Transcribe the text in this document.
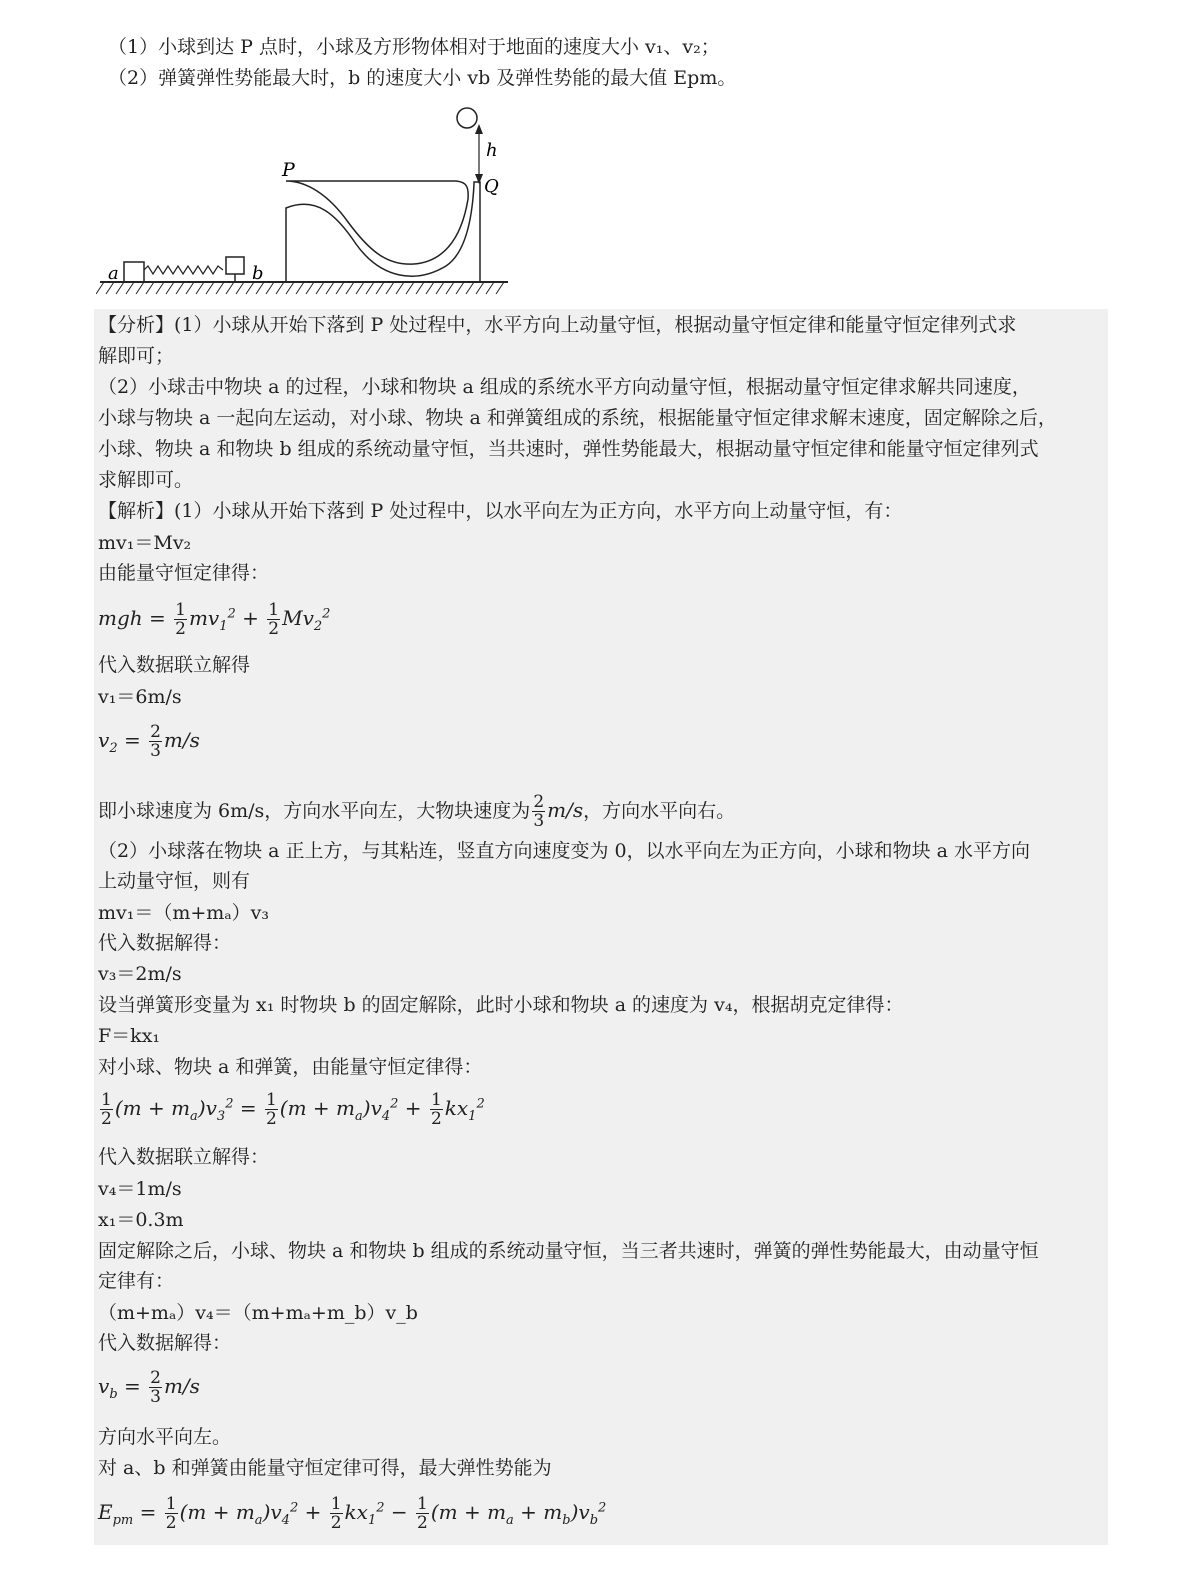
（1）小球到达 P 点时，小球及方形物体相对于地面的速度大小 v₁、v₂；
（2）弹簧弹性势能最大时，b 的速度大小 vb 及弹性势能的最大值 Epm。
P
h
Q
a	b
【分析】(1）小球从开始下落到 P 处过程中，水平方向上动量守恒，根据动量守恒定律和能量守恒定律列式求
解即可；
（2）小球击中物块 a 的过程，小球和物块 a 组成的系统水平方向动量守恒，根据动量守恒定律求解共同速度，
小球与物块 a 一起向左运动，对小球、物块 a 和弹簧组成的系统，根据能量守恒定律求解末速度，固定解除之后，
小球、物块 a 和物块 b 组成的系统动量守恒，当共速时，弹性势能最大，根据动量守恒定律和能量守恒定律列式
求解即可。
【解析】(1）小球从开始下落到 P 处过程中，以水平向左为正方向，水平方向上动量守恒，有：
mv₁＝Mv₂
由能量守恒定律得：
mgh = $\frac{1}{2} mv_1^2 + \frac{1}{2} Mv_2^2$
代入数据联立解得
v₁＝6m/s
$v_2 = \frac{2}{3} m/s$
即小球速度为 6m/s，方向水平向左，大物块速度为 $\frac{2}{3} m/s$，方向水平向右。
（2）小球落在物块 a 正上方，与其粘连，竖直方向速度变为 0，以水平向左为正方向，小球和物块 a 水平方向
上动量守恒，则有
mv₁＝（m+mₐ）v₃
代入数据解得：
v₃＝2m/s
设当弹簧形变量为 x₁ 时物块 b 的固定解除，此时小球和物块 a 的速度为 v₄，根据胡克定律得：
F＝kx₁
对小球、物块 a 和弹簧，由能量守恒定律得：
$\frac{1}{2} (m + m_a)v_3^2 = \frac{1}{2} (m + m_a)v_4^2 + \frac{1}{2} kx_1^2$
代入数据联立解得：
v₄＝1m/s
x₁＝0.3m
固定解除之后，小球、物块 a 和物块 b 组成的系统动量守恒，当三者共速时，弹簧的弹性势能最大，由动量守恒
定律有：
（m+mₐ）v₄＝（m+mₐ+m_b）v_b
代入数据解得：
$v_b = \frac{2}{3} m/s$
方向水平向左。
对 a、b 和弹簧由能量守恒定律可得，最大弹性势能为
$E_{pm} = \frac{1}{2} (m + m_a)v_4^2 + \frac{1}{2} kx_1^2 - \frac{1}{2} (m + m_a + m_b)v_b^2$
